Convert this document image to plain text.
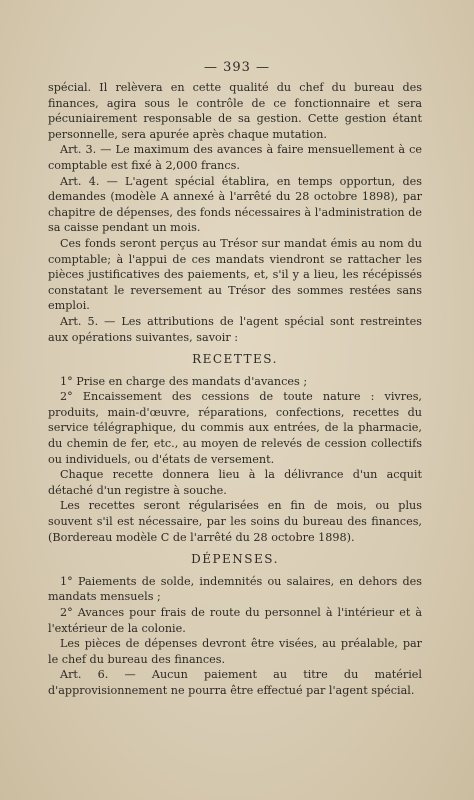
— 393 —

spécial. Il relèvera en cette qualité du chef du bureau des finances, agira sous le contrôle de ce fonctionnaire et sera pécuniairement responsable de sa gestion. Cette gestion étant personnelle, sera apurée après chaque mutation.

Art. 3. — Le maximum des avances à faire mensuellement à ce comptable est fixé à 2,000 francs.

Art. 4. — L'agent spécial établira, en temps opportun, des demandes (modèle A annexé à l'arrêté du 28 octobre 1898), par chapitre de dépenses, des fonds nécessaires à l'administration de sa caisse pendant un mois.

Ces fonds seront perçus au Trésor sur mandat émis au nom du comptable; à l'appui de ces mandats viendront se rattacher les pièces justificatives des paiements, et, s'il y a lieu, les récépissés constatant le reversement au Trésor des sommes restées sans emploi.

Art. 5. — Les attributions de l'agent spécial sont restreintes aux opérations suivantes, savoir :

RECETTES.

1° Prise en charge des mandats d'avances ;

2° Encaissement des cessions de toute nature : vivres, produits, main-d'œuvre, réparations, confections, recettes du service télégraphique, du commis aux entrées, de la pharmacie, du chemin de fer, etc., au moyen de relevés de cession collectifs ou individuels, ou d'états de versement.

Chaque recette donnera lieu à la délivrance d'un acquit détaché d'un registre à souche.

Les recettes seront régularisées en fin de mois, ou plus souvent s'il est nécessaire, par les soins du bureau des finances, (Bordereau modèle C de l'arrêté du 28 octobre 1898).

DÉPENSES.

1° Paiements de solde, indemnités ou salaires, en dehors des mandats mensuels ;

2° Avances pour frais de route du personnel à l'intérieur et à l'extérieur de la colonie.

Les pièces de dépenses devront être visées, au préalable, par le chef du bureau des finances.

Art. 6. — Aucun paiement au titre du matériel d'approvisionnement ne pourra être effectué par l'agent spécial.
